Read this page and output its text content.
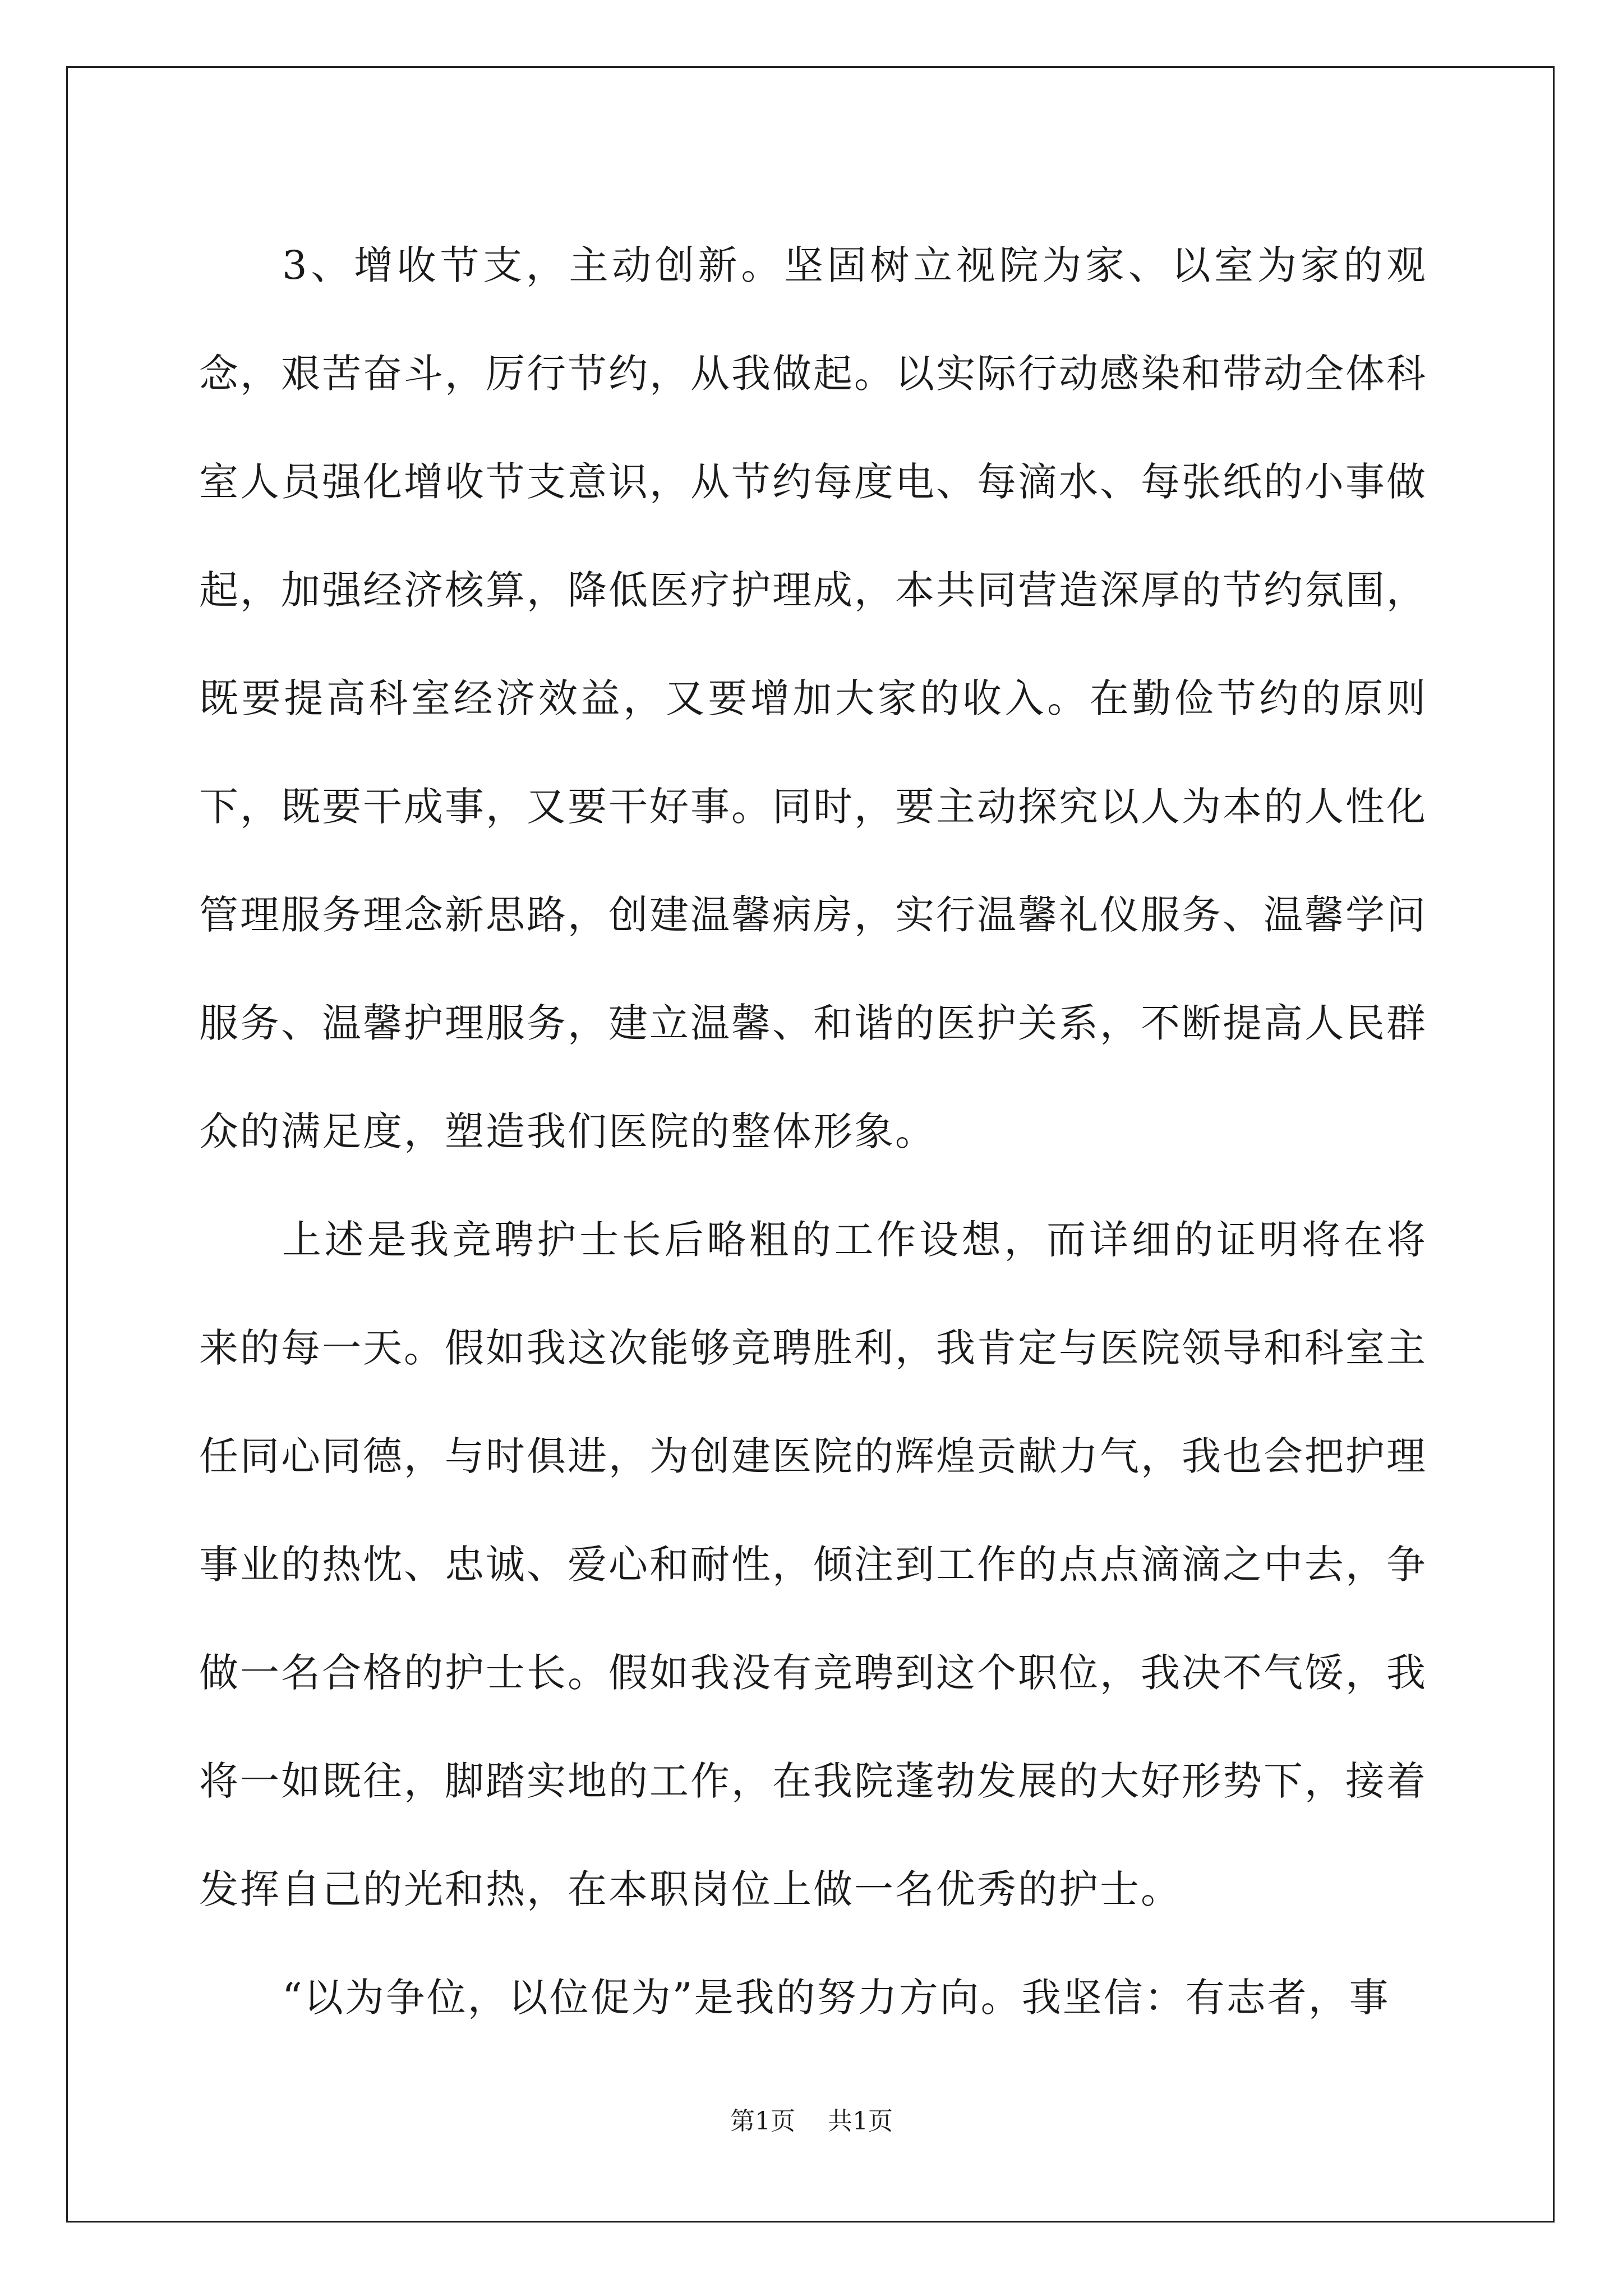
3、增收节支，主动创新。坚固树立视院为家、以室为家的观念，艰苦奋斗，厉行节约，从我做起。以实际行动感染和带动全体科室人员强化增收节支意识，从节约每度电、每滴水、每张纸的小事做起，加强经济核算，降低医疗护理成，本共同营造深厚的节约氛围，既要提高科室经济效益，又要增加大家的收入。在勤俭节约的原则下，既要干成事，又要干好事。同时，要主动探究以人为本的人性化管理服务理念新思路，创建温馨病房，实行温馨礼仪服务、温馨学问服务、温馨护理服务，建立温馨、和谐的医护关系，不断提高人民群众的满足度，塑造我们医院的整体形象。

上述是我竞聘护士长后略粗的工作设想，而详细的证明将在将来的每一天。假如我这次能够竞聘胜利，我肯定与医院领导和科室主任同心同德，与时俱进，为创建医院的辉煌贡献力气，我也会把护理事业的热忱、忠诚、爱心和耐性，倾注到工作的点点滴滴之中去，争做一名合格的护士长。假如我没有竞聘到这个职位，我决不气馁，我将一如既往，脚踏实地的工作，在我院蓬勃发展的大好形势下，接着发挥自己的光和热，在本职岗位上做一名优秀的护士。

“以为争位，以位促为”是我的努力方向。我坚信：有志者，事

第1页 共1页
